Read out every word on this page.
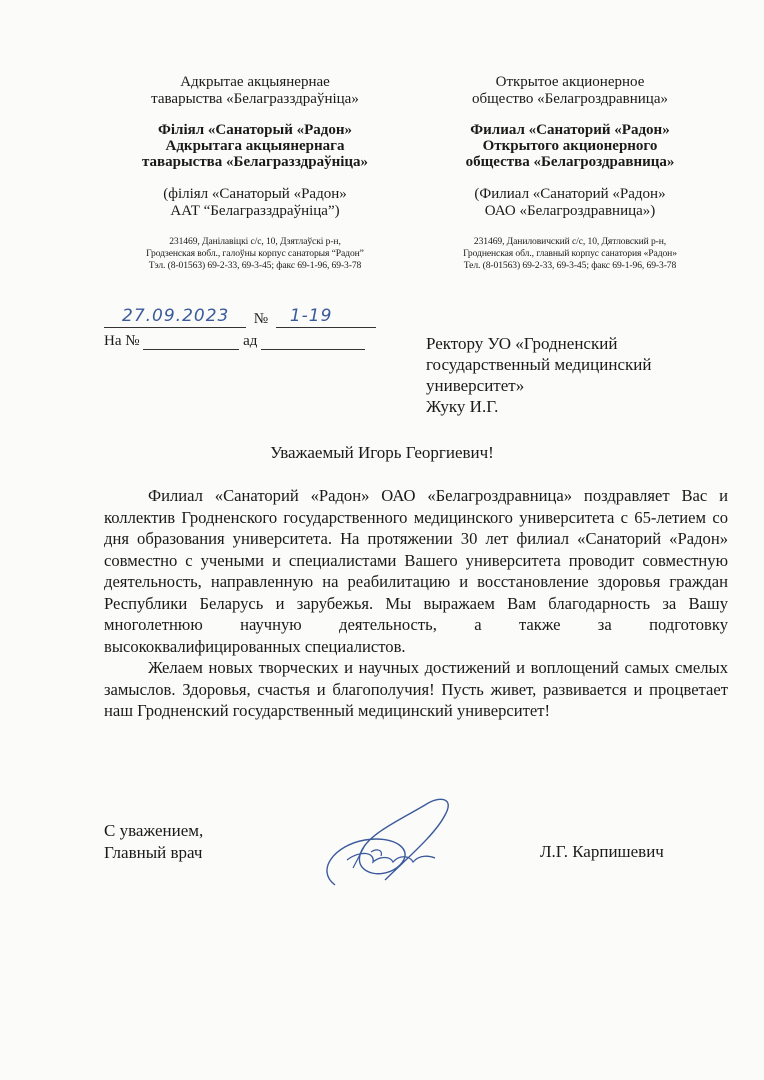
Адкрытае акцыянернае
таварыства «Белагразздраўніца»
Філіял «Санаторый «Радон»
Адкрытага акцыянернага
таварыства «Белагразздраўніца»
(філіял «Санаторый «Радон»
ААТ “Белагразздраўніца”)
231469, Данілавіцкі с/с, 10, Дзятлаўскі р-н,
Гродзенская вобл., галоўны корпус санаторыя “Радон”
Тэл. (8-01563) 69-2-33, 69-3-45; факс 69-1-96, 69-3-78
Открытое акционерное
общество «Белагроздравница»
Филиал «Санаторий «Радон»
Открытого акционерного
общества «Белагроздравница»
(Филиал «Санаторий «Радон»
ОАО «Белагроздравница»)
231469, Даниловичский с/с, 10, Дятловский р-н,
Гродненская обл., главный корпус санатория «Радон»
Тел. (8-01563) 69-2-33, 69-3-45; факс 69-1-96, 69-3-78
27.09.2023 № 1-19
На №	ад	Ректору УО «Гродненский
государственный медицинский
университет»
Жуку И.Г.
Уважаемый Игорь Георгиевич!

Филиал «Санаторий «Радон» ОАО «Белагроздравница» поздравляет Вас и коллектив Гродненского государственного медицинского университета с 65-летием со дня образования университета. На протяжении 30 лет филиал «Санаторий «Радон» совместно с учеными и специалистами Вашего университета проводит совместную деятельность, направленную на реабилитацию и восстановление здоровья граждан Республики Беларусь и зарубежья. Мы выражаем Вам благодарность за Вашу многолетнюю научную деятельность, а также за подготовку высококвалифицированных специалистов.

Желаем новых творческих и научных достижений и воплощений самых смелых замыслов. Здоровья, счастья и благополучия! Пусть живет, развивается и процветает наш Гродненский государственный медицинский университет!

С уважением,
Главный врач	Л.Г. Карпишевич
